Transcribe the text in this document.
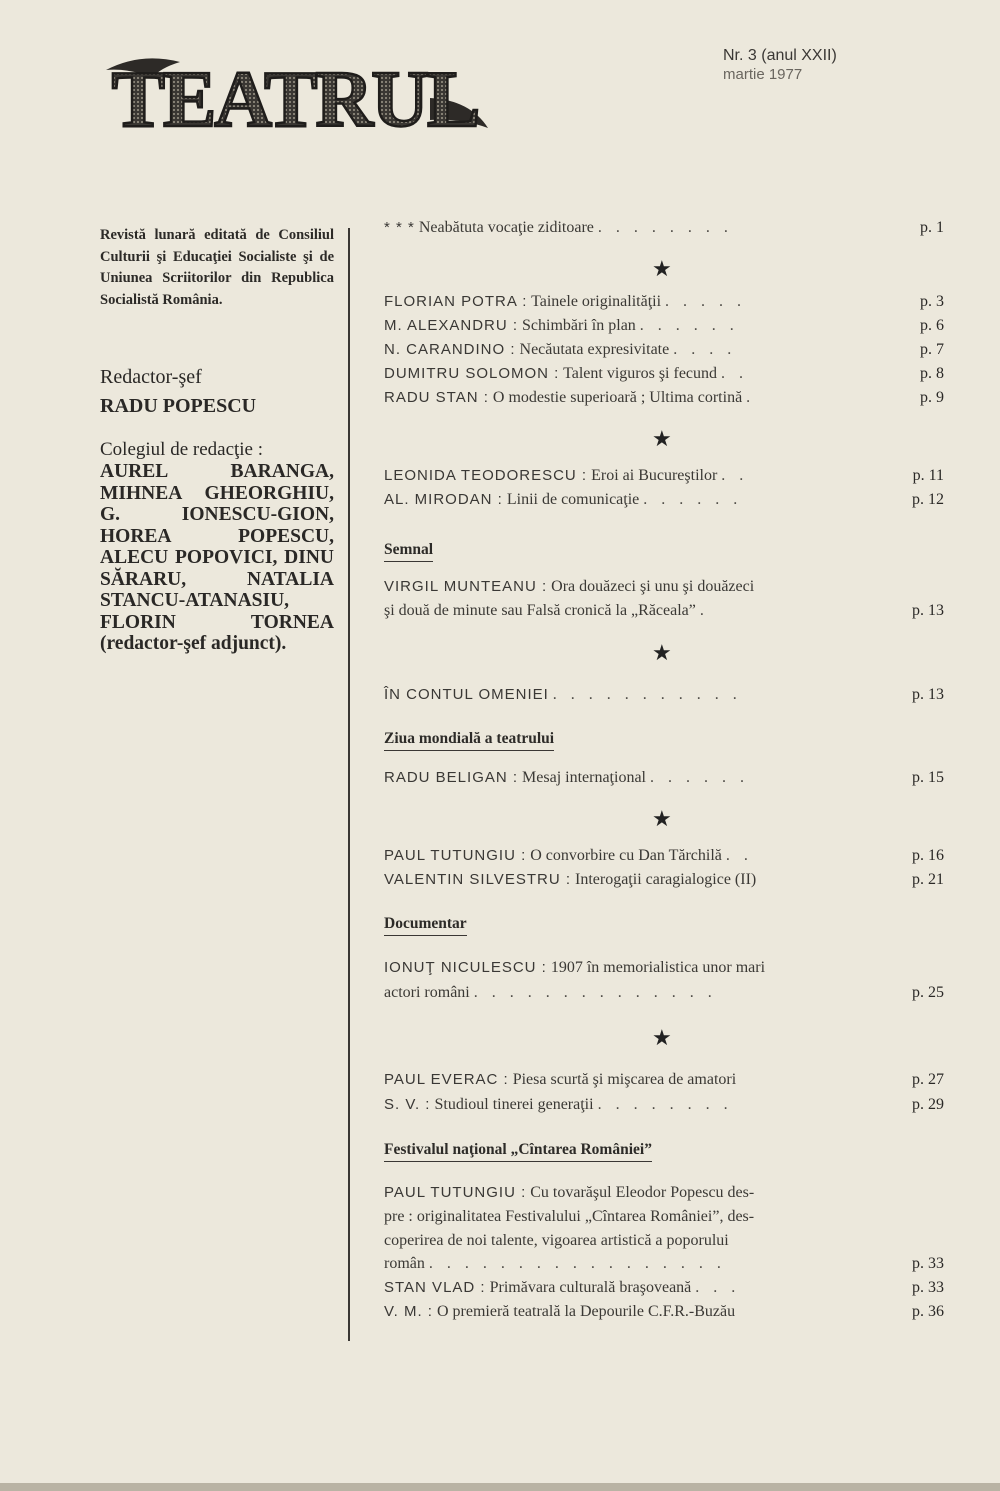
TEATRUL
Nr. 3 (anul XXII)
martie 1977
Revistă lunară editată de Consiliul Culturii şi Educaţiei Socialiste şi de Uniunea Scriitorilor din Republica Socialistă România.
Redactor-şef
RADU POPESCU
Colegiul de redacţie :
AUREL BARANGA, MIHNEA GHEORGHIU, G. IONESCU-GION, HOREA POPESCU, ALECU POPOVICI, DINU SĂRARU, NATALIA STANCU-ATANASIU, FLORIN TORNEA (redactor-şef adjunct).
* * * Neabătuta vocaţie ziditoare . . . . . . . .	p. 1
★
FLORIAN POTRA : Tainele originalităţii . . . . .	p. 3
M. ALEXANDRU : Schimbări în plan . . . . . .	p. 6
N. CARANDINO : Necăutata expresivitate . . . .	p. 7
DUMITRU SOLOMON : Talent viguros şi fecund . .	p. 8
RADU STAN : O modestie superioară ; Ultima cortină .	p. 9
★
LEONIDA TEODORESCU : Eroi ai Bucureştilor . .	p. 11
AL. MIRODAN : Linii de comunicaţie . . . . . .	p. 12
Semnal
VIRGIL MUNTEANU : Ora douăzeci şi unu şi douăzeci
şi două de minute sau Falsă cronică la „Răceala” .	p. 13
★
ÎN CONTUL OMENIEI . . . . . . . . . . .	p. 13
Ziua mondială a teatrului
RADU BELIGAN : Mesaj internaţional . . . . . .	p. 15
★
PAUL TUTUNGIU : O convorbire cu Dan Tărchilă . .	p. 16
VALENTIN SILVESTRU : Interogaţii caragialogice (II)	p. 21
Documentar
IONUŢ NICULESCU : 1907 în memorialistica unor mari
actori români . . . . . . . . . . . . . .	p. 25
★
PAUL EVERAC : Piesa scurtă şi mişcarea de amatori	p. 27
S. V. : Studioul tinerei generaţii . . . . . . . .	p. 29
Festivalul naţional „Cîntarea României”
PAUL TUTUNGIU : Cu tovarăşul Eleodor Popescu des-
pre : originalitatea Festivalului „Cîntarea României”, des-
coperirea de noi talente, vigoarea artistică a poporului
român . . . . . . . . . . . . . . . . .	p. 33
STAN VLAD : Primăvara culturală braşoveană . . .	p. 33
V. M. : O premieră teatrală la Depourile C.F.R.-Buzău	p. 36
